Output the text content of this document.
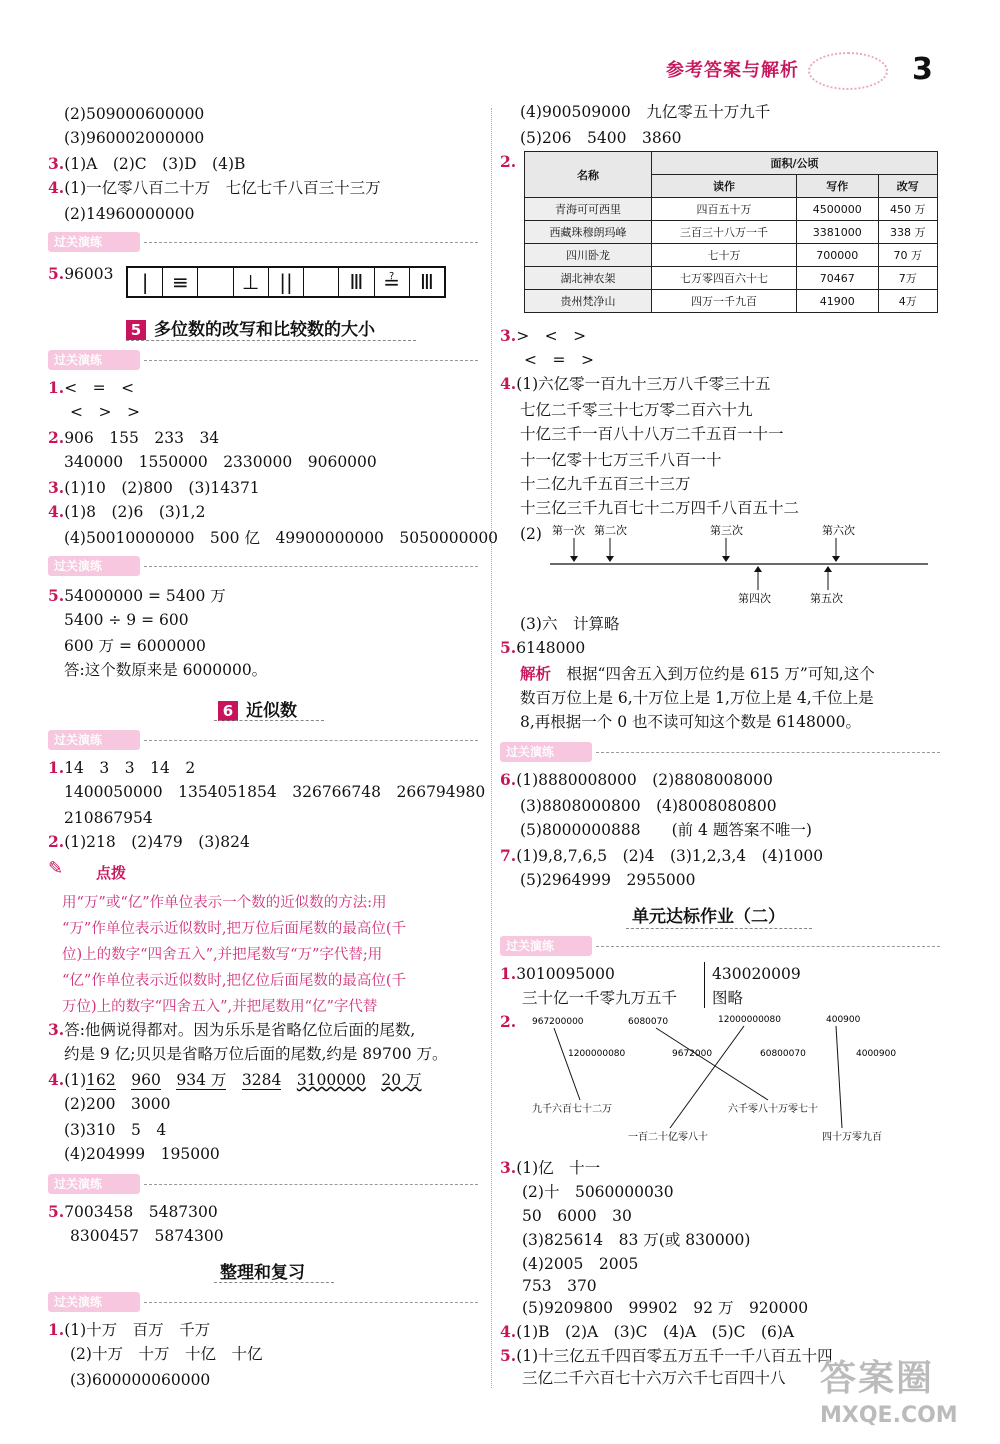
参考答案与解析	3
(2)509000600000
(3)960002000000
3.(1)A　(2)C　(3)D　(4)B
4.(1)一亿零八百二十万　七亿七千八百三十三万
(2)14960000000
过关演练
5.96003	|	≡	⊥ ||	Ⅲ ≟ Ⅲ
5 多位数的改写和比较数的大小
过关演练
1.<　=　<
<　>　>
2.906　155　233　34
340000　1550000　2330000　9060000
3.(1)10　(2)800　(3)14371
4.(1)8　(2)6　(3)1,2
(4)50010000000　500 亿　49900000000　5050000000
过关演练
5.54000000 = 5400 万
5400 ÷ 9 = 600
600 万 = 6000000
答:这个数原来是 6000000。
6 近似数
过关演练
1.14　3　3　14　2
1400050000　1354051854　326766748　266794980
210867954
2.(1)218　(2)479　(3)824
✎ 点拨
用“万”或“亿”作单位表示一个数的近似数的方法:用
“万”作单位表示近似数时,把万位后面尾数的最高位(千
位)上的数字“四舍五入”,并把尾数写“万”字代替;用
“亿”作单位表示近似数时,把亿位后面尾数的最高位(千
万位)上的数字“四舍五入”,并把尾数用“亿”字代替
3.答:他俩说得都对。因为乐乐是省略亿位后面的尾数,
约是 9 亿;贝贝是省略万位后面的尾数,约是 89700 万。
4.(1)162  960  934 万  3284  3100000  20 万
(2)200　3000
(3)310　5　4
(4)204999　195000
过关演练
5.7003458　5487300
8300457　5874300
整理和复习
过关演练
1.(1)十万　百万　千万
(2)十万　十万　十亿　十亿
(3)600000060000
(4)900509000　九亿零五十万九千
(5)206　5400　3860
2.
名称	面积/公顷		
	读作	写作	改写
青海可可西里	四百五十万	4500000	450 万
西藏珠穆朗玛峰	三百三十八万一千	3381000	338 万
四川卧龙	七十万	700000	70 万
湖北神农架	七万零四百六十七	70467	7万
贵州梵净山	四万一千九百	41900	4万
3.>　<　>
<　=　>
4.(1)六亿零一百九十三万八千零三十五
七亿二千零三十七万零二百六十九
十亿三千一百八十八万二千五百一十一
十一亿零十七万三千八百一十
十二亿九千五百三十三万
十三亿三千九百七十二万四千八百五十二
(2) 第一次 第二次	第三次	第六次
第四次	第五次
(3)六　计算略
5.6148000
解析  根据“四舍五入到万位约是 615 万”可知,这个
数百万位上是 6,十万位上是 1,万位上是 4,千位上是
8,再根据一个 0 也不读可知这个数是 6148000。
过关演练
6.(1)8880008000　(2)8808008000
(3)8808000800　(4)8008080800
(5)8000000888　　(前 4 题答案不唯一)
7.(1)9,8,7,6,5　(2)4　(3)1,2,3,4　(4)1000
(5)2964999　2955000
单元达标作业（二）
过关演练
1.3010095000
三十亿一千零九万五千
430020009
图略
2. 967200000	6080070	12000000080	400900
1200000080	9672000	60800070	4000900
九千六百七十二万
一百二十亿零八十
六千零八十万零七十
四十万零九百
3.(1)亿　十一
(2)十　5060000030
50　6000　30
(3)825614　83 万(或 830000)
(4)2005　2005
753　370
(5)9209800　99902　92 万　920000
4.(1)B　(2)A　(3)C　(4)A　(5)C　(6)A
5.(1)十三亿五千四百零五万五千一千八百五十四
三亿二千六百七十六万六千七百四十八 答案圈
MXQE.COM
